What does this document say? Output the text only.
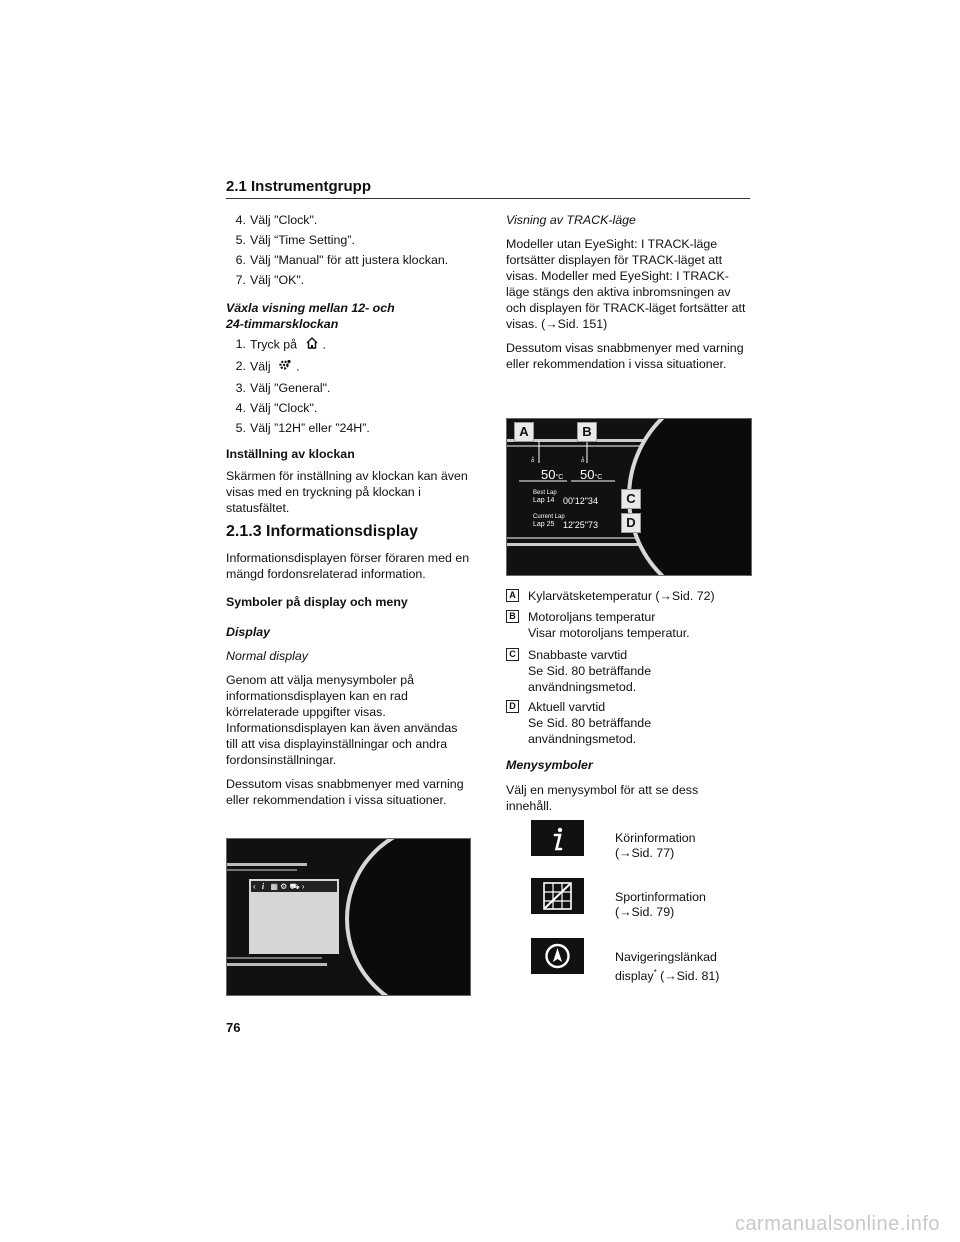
2.1 Instrumentgrupp
4. Välj "Clock".
5. Välj “Time Setting”.
6. Välj "Manual" för att justera klockan.
7. Välj "OK".

Växla visning mellan 12- och
24-timmarsklockan

1. Tryck på .
2. Välj .
3. Välj "General".
4. Välj "Clock".
5. Välj ”12H” eller ”24H”.

Inställning av klockan

Skärmen för inställning av klockan kan även visas med en tryckning på klockan i statusfältet.

2.1.3 Informationsdisplay

Informationsdisplayen förser föraren med en mängd fordonsrelaterad information.

Symboler på display och meny

Display

Normal display

Genom att välja menysymboler på informationsdisplayen kan en rad körrelaterade uppgifter visas. Informationsdisplayen kan även användas till att visa displayinställningar och andra fordonsinställningar.

Dessutom visas snabbmenyer med varning eller rekommendation i vissa situationer.

‹ i ▦ ⚙ ⛟ ›

Visning av TRACK-läge

Modeller utan EyeSight: I TRACK-läge fortsätter displayen för TRACK-läget att visas. Modeller med EyeSight: I TRACK-läge stängs den aktiva inbromsningen av och displayen för TRACK-läget fortsätter att visas. (→Sid. 151)

Dessutom visas snabbmenyer med varning eller rekommendation i vissa situationer.

A	B
C
D
⫰	⫰
50°C 50°C
Best Lap
Lap 14 00'12"34
Current Lap
Lap 25 12'25"73
A Kylarvätsketemperatur (→Sid. 72)
B Motoroljans temperatur
Visar motoroljans temperatur.
C Snabbaste varvtid
Se Sid. 80 beträffande
användningsmetod.
D Aktuell varvtid
Se Sid. 80 beträffande
användningsmetod.
Menysymboler
Välj en menysymbol för att se dess innehåll.
Körinformation
(→Sid. 77)
Sportinformation
(→Sid. 79)
Navigeringslänkad
display* (→Sid. 81)
76
carmanualsonline.info
